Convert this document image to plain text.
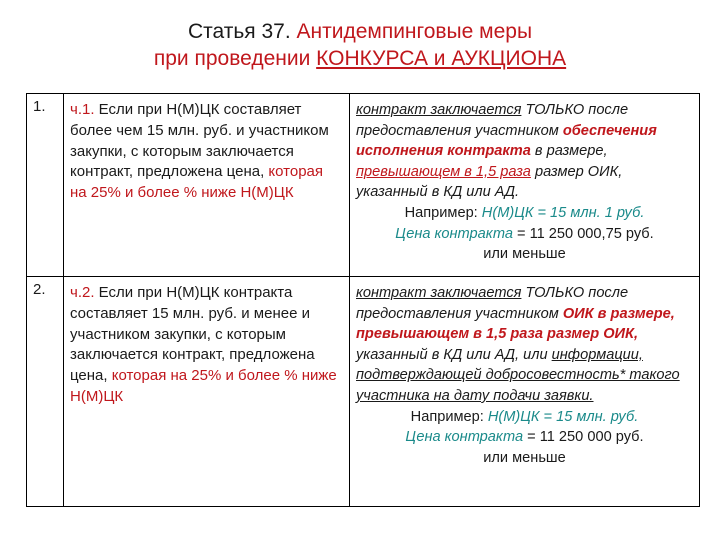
Статья 37. Антидемпинговые меры
при проведении КОНКУРСА и АУКЦИОНА
1.	ч.1. Если при Н(М)ЦК составляет более чем 15 млн. руб. и участником закупки, с которым заключается контракт, предложена цена, которая на 25% и более % ниже Н(М)ЦК	контракт заключается ТОЛЬКО после предоставления участником обеспечения исполнения контракта в размере, превышающем в 1,5 раза размер ОИК, указанный в КД или АД.
Например: Н(М)ЦК = 15 млн. 1 руб.
Цена контракта = 11 250 000,75 руб.
или меньше

2.	ч.2. Если при Н(М)ЦК контракта составляет 15 млн. руб. и менее и участником закупки, с которым заключается контракт, предложена цена, которая на 25% и более % ниже Н(М)ЦК	контракт заключается ТОЛЬКО после предоставления участником ОИК в размере, превышающем в 1,5 раза размер ОИК, указанный в КД или АД, или информации, подтверждающей добросовестность* такого участника на дату подачи заявки.
Например: Н(М)ЦК = 15 млн. руб.
Цена контракта = 11 250 000 руб.
или меньше
